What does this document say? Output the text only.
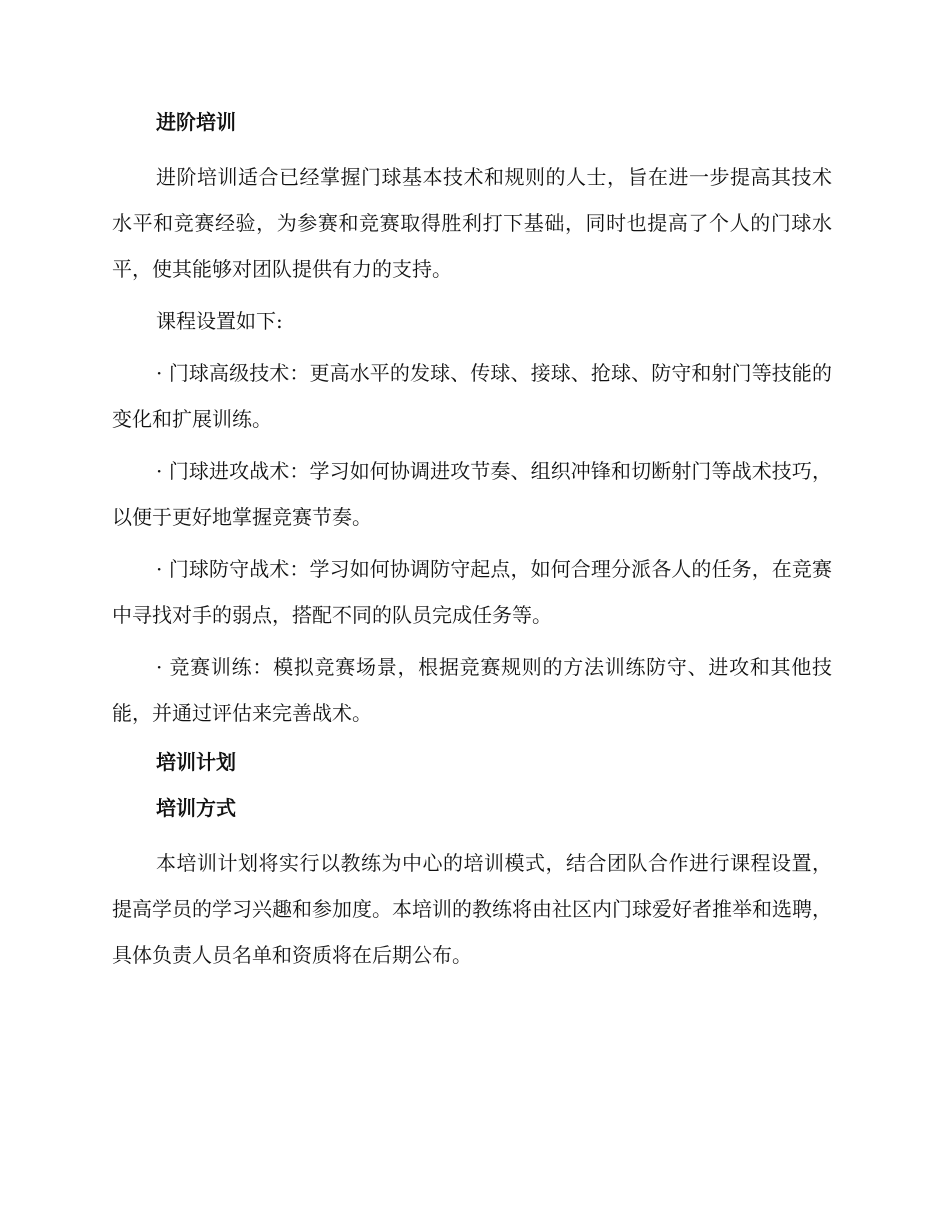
进阶培训
进阶培训适合已经掌握门球基本技术和规则的人士，旨在进一步提高其技术水平和竞赛经验，为参赛和竞赛取得胜利打下基础，同时也提高了个人的门球水平，使其能够对团队提供有力的支持。
课程设置如下:
· 门球高级技术：更高水平的发球、传球、接球、抢球、防守和射门等技能的变化和扩展训练。
· 门球进攻战术：学习如何协调进攻节奏、组织冲锋和切断射门等战术技巧，以便于更好地掌握竞赛节奏。
· 门球防守战术：学习如何协调防守起点，如何合理分派各人的任务，在竞赛中寻找对手的弱点，搭配不同的队员完成任务等。
· 竞赛训练：模拟竞赛场景，根据竞赛规则的方法训练防守、进攻和其他技能，并通过评估来完善战术。
培训计划
培训方式
本培训计划将实行以教练为中心的培训模式，结合团队合作进行课程设置，提高学员的学习兴趣和参加度。本培训的教练将由社区内门球爱好者推举和选聘，具体负责人员名单和资质将在后期公布。
